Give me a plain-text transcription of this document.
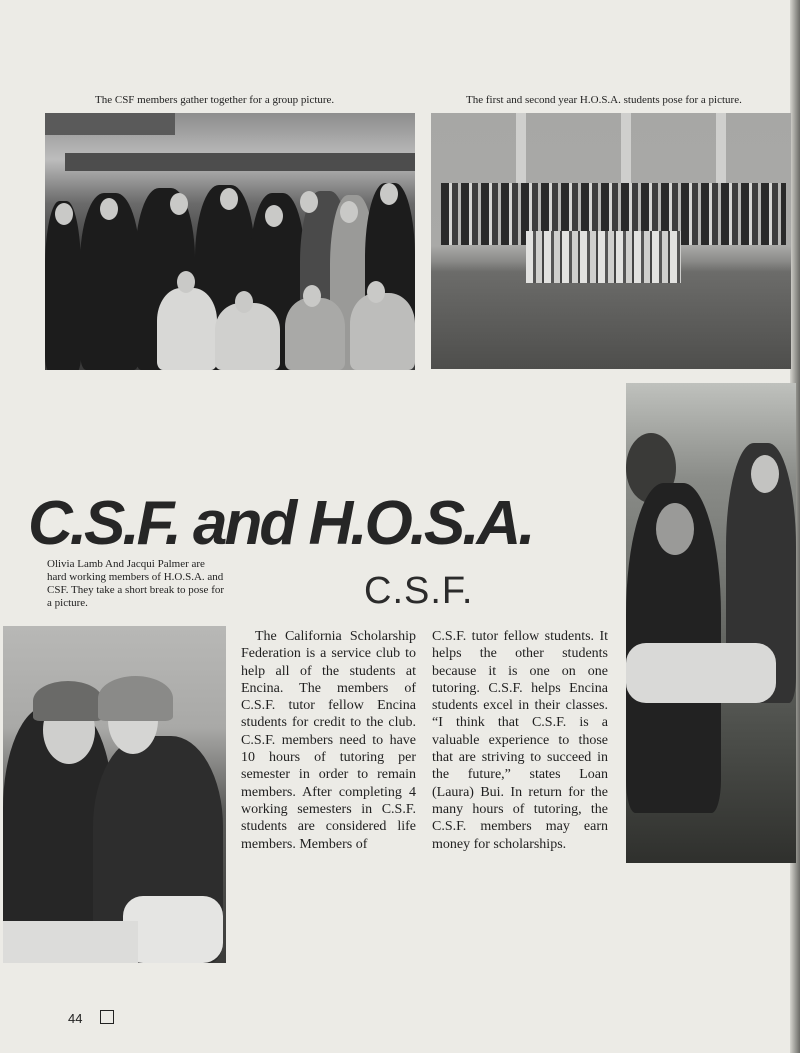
The CSF members gather together for a group picture.	The first and second year H.O.S.A. students pose for a picture.
C.S.F. and H.O.S.A.
Olivia Lamb And Jacqui Palmer are hard working members of H.O.S.A. and CSF. They take a short break to pose for a picture.	C.S.F.
The California Scholarship Federation is a service club to help all of the students at Encina. The members of C.S.F. tutor fellow Encina students for credit to the club. C.S.F. members need to have 10 hours of tutoring per semester in order to remain members. After completing 4 working semesters in C.S.F. students are considered life members. Members of
C.S.F. tutor fellow students. It helps the other students because it is one on one tutoring. C.S.F. helps Encina students excel in their classes. “I think that C.S.F. is a valuable experience to those that are striving to succeed in the future,” states Loan (Laura) Bui. In return for the many hours of tutoring, the C.S.F. members may earn money for scholarships.
44
